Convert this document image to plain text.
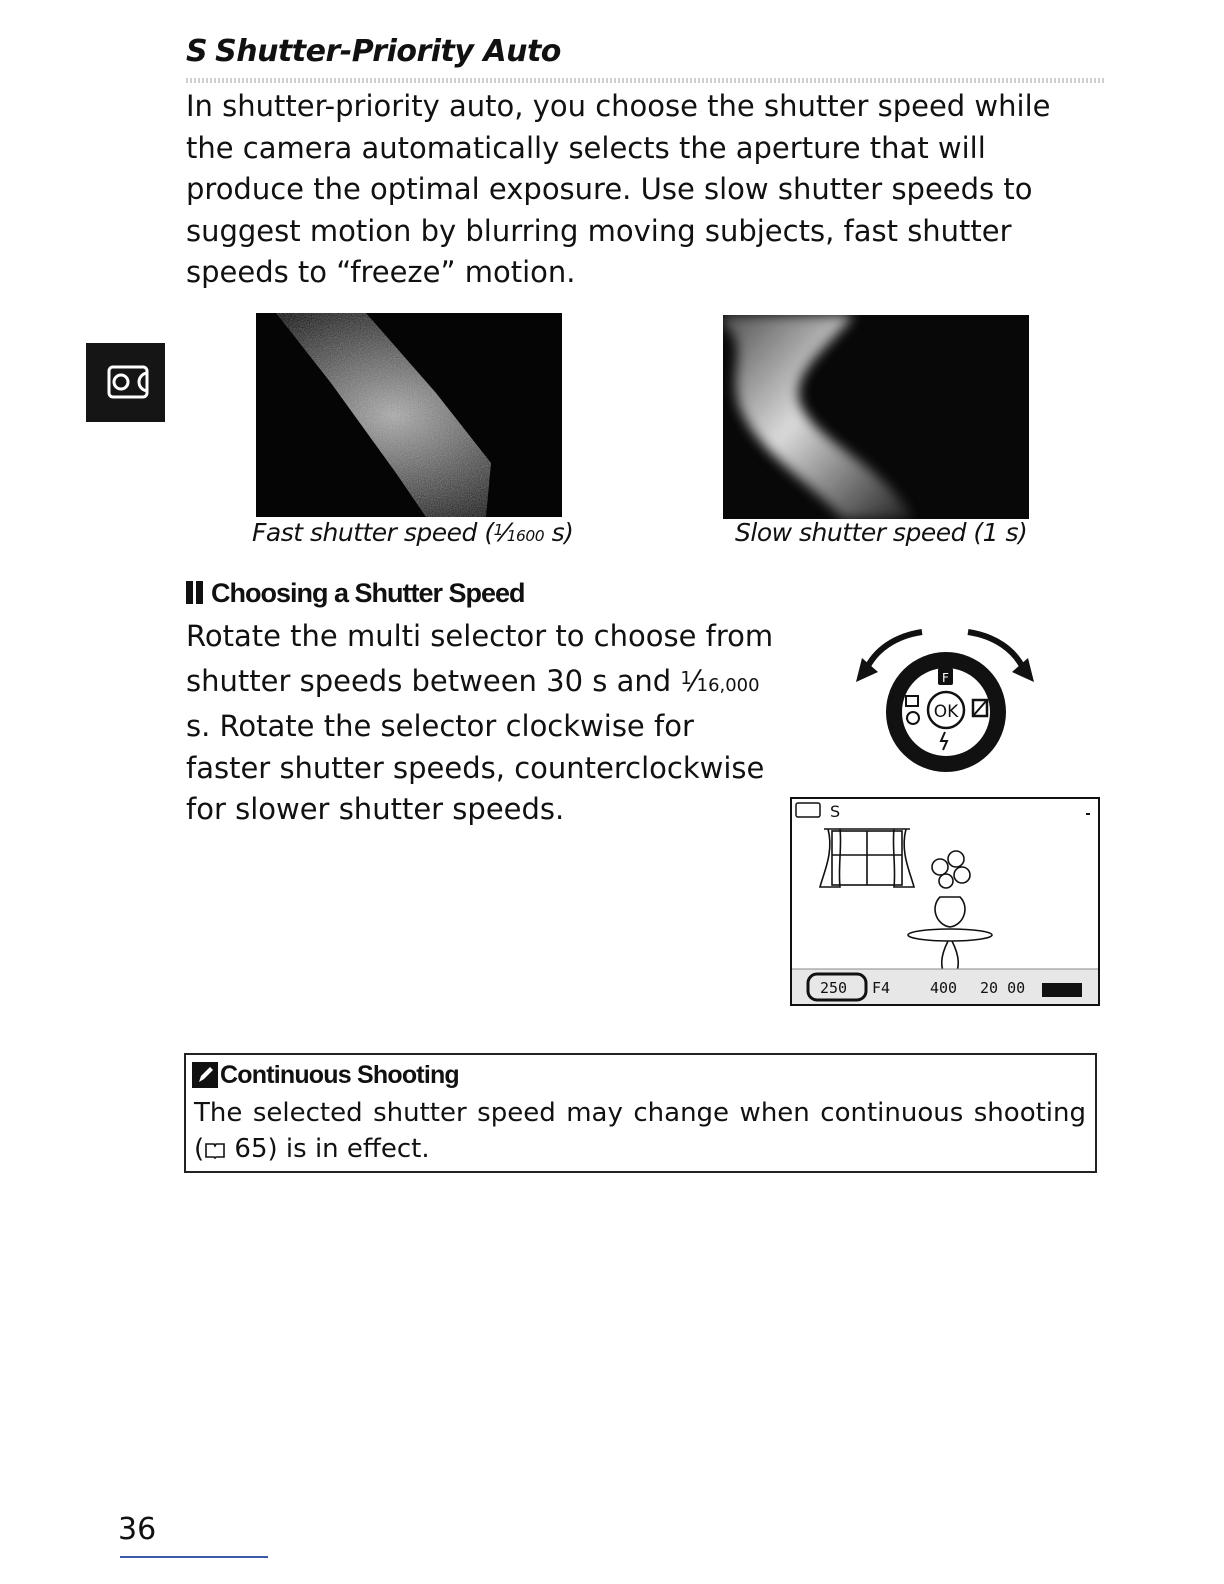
S Shutter-Priority Auto
In shutter-priority auto, you choose the shutter speed while the camera automatically selects the aperture that will produce the optimal exposure. Use slow shutter speeds to suggest motion by blurring moving subjects, fast shutter speeds to “freeze” motion.
Fast shutter speed ($^1$⁄1600 s)	Slow shutter speed (1 s)
Choosing a Shutter Speed
Rotate the multi selector to choose from shutter speeds between 30 s and $^1$⁄16,000 s. Rotate the selector clockwise for faster shutter speeds, counterclockwise for slower shutter speeds.
OK
F
S
250 F4	400 20 00
Continuous Shooting
The selected shutter speed may change when continuous shooting ( 65) is in effect.
36
